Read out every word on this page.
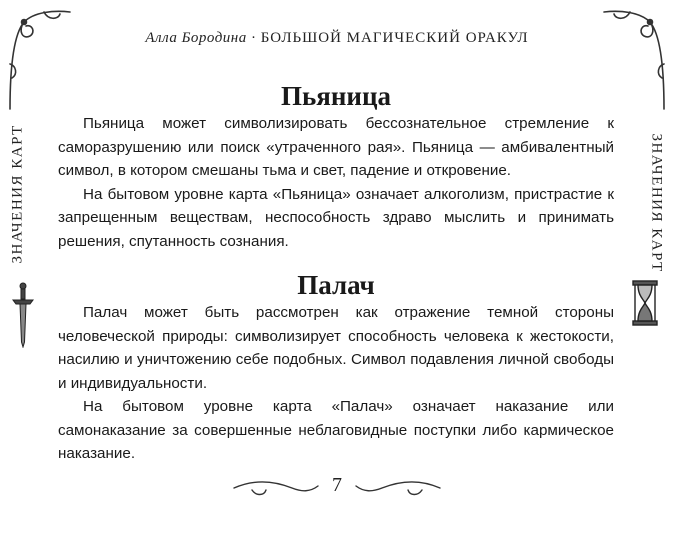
Алла Бородина · БОЛЬШОЙ МАГИЧЕСКИЙ ОРАКУЛ
ЗНАЧЕНИЯ КАРТ	ЗНАЧЕНИЯ КАРТ
Пьяница

Пьяница может символизировать бессознательное стремление к саморазрушению или поиск «утраченного рая». Пьяница — амбивалентный символ, в котором смешаны тьма и свет, падение и откровение.

На бытовом уровне карта «Пьяница» означает алкоголизм, пристрастие к запрещенным веществам, неспособность здраво мыслить и принимать решения, спутанность сознания.

Палач

Палач может быть рассмотрен как отражение темной стороны человеческой природы: символизирует способность человека к жестокости, насилию и уничтожению себе подобных. Символ подавления личной свободы и индивидуальности.

На бытовом уровне карта «Палач» означает наказание или самонаказание за совершенные неблаговидные поступки либо кармическое наказание.

7
